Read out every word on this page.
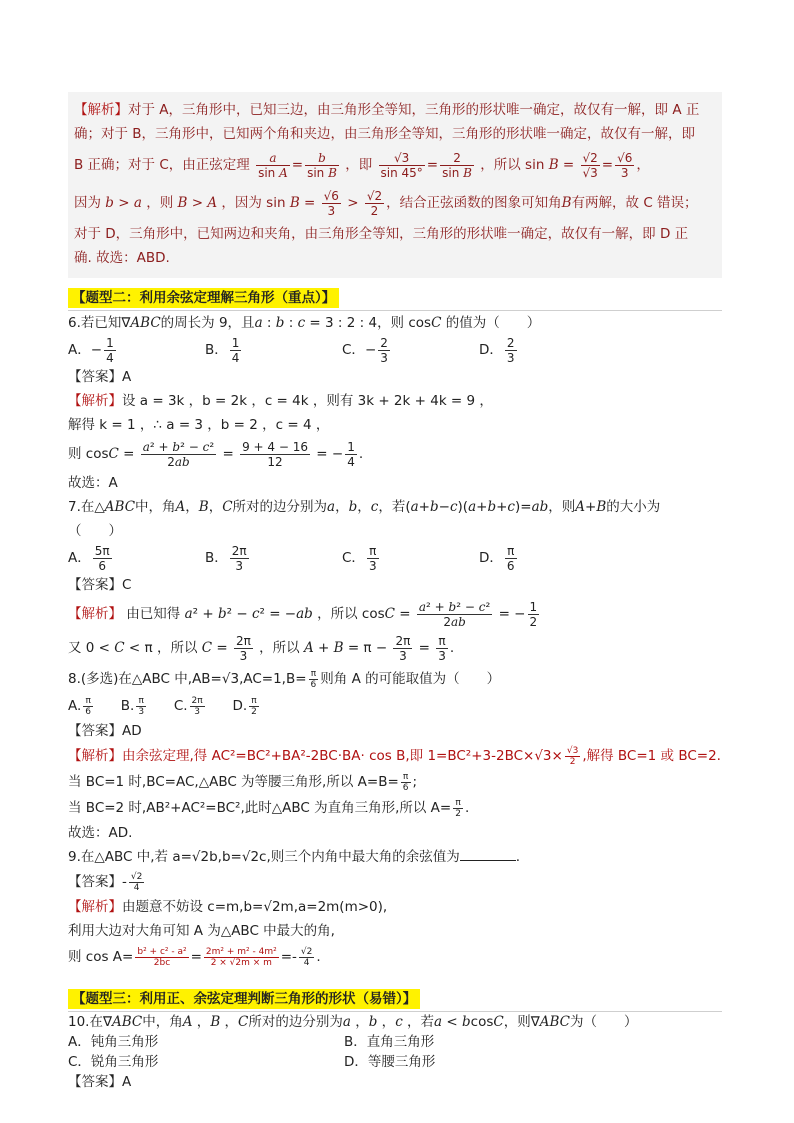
【解析】对于 A，三角形中，已知三边，由三角形全等知，三角形的形状唯一确定，故仅有一解，即 A 正
确；对于 B，三角形中，已知两个角和夹边，由三角形全等知，三角形的形状唯一确定，故仅有一解，即
B 正确；对于 C，由正弦定理 $\frac{a}{\text{sin A}} = \frac{b}{\text{sin B}}$ ，即 $\frac{√3}{\sin 45^\circ} = \frac{2}{\text{sin B}}$ ，所以 $\sin B = \frac{√2}{√3} = \frac{√6}{3}$ ，
因为 b > a ，则 B > A ，因为 $\sin B = \frac{√6}{3} > \frac{√2}{2}$ ，结合正弦函数的图象可知角B有两解，故 C 错误；
对于 D，三角形中，已知两边和夹角，由三角形全等知，三角形的形状唯一确定，故仅有一解，即 D 正
确. 故选：ABD.
【题型二：利用余弦定理解三角形（重点）】
6.若已知∇ABC的周长为 9，且a : b : c = 3 : 2 : 4，则 cosC 的值为（　　）
A．− $\frac{1}{4}$	B． $\frac{1}{4}$	C．− $\frac{2}{3}$	D． $\frac{2}{3}$
【答案】A
【解析】设 a = 3k ，b = 2k ，c = 4k ，则有 3k + 2k + 4k = 9 ，
解得 k = 1 ，∴ a = 3 ，b = 2 ，c = 4 ，
则 $\cos C = \frac{\text{a² + b² − c²}}{2ab} = \frac{9 + 4 - 16}{12}$ = − $\frac{1}{4}$ .
故选：A
7.在△ABC中，角A，B，C所对的边分别为a，b，c，若(a+b−c)(a+b+c)=ab，则A+B的大小为
（　　）
A． $\frac{5\pi}{6}$	B． $\frac{2\pi}{3}$	C． $\frac{\pi}{3}$	D． $\frac{\pi}{6}$
【答案】C
【解析】 由已知得 a² + b² − c² = −ab ，所以 $\cos C = \frac{\text{a² + b² − c²}}{2ab}$ = − $\frac{1}{2}$
又 0 < C < π ，所以 $C = \frac{2\pi}{3}$ ，所以 $A + B = \pi - \frac{2\pi}{3} = \frac{\pi}{3}$ .
8.(多选)在△ABC 中$,AB=√3,AC=1,B= \frac{\pi}{6}$ 则角 A 的可能取值为（　　）
A. $\frac{\pi}{6} B$. $\frac{\pi}{3} C$. $\frac{2\pi}{3} D$. $\frac{\pi}{2}$
【答案】AD
【解析】由余弦定理,得 AC²=BC²+BA²-2BC·BA· cos B,即 $1=BC^2+3-2BC\times√3\times \frac{√3}{2}$ ,解得 BC=1 或 BC=2.
当 BC=1 时,BC=AC,△ABC 为等腰三角形,所以 $A=B= \frac{\pi}{6}$ ;
当 BC=2 时,AB²+AC²=BC²,此时△ABC 为直角三角形,所以 $A= \frac{\pi}{2}$ .
故选：AD.
9.在△ABC 中,若 a=√2b,b=√2c,则三个内角中最大角的余弦值为	.
【答案】- $\frac{√2}{4}$
【解析】由题意不妨设 c=m,b=√2m,a=2m(m>0),
利用大边对大角可知 A 为△ABC 中最大的角,
则 $\cos A= \frac{\text{b² + c² - a²}}{2bc} = \frac{\text{2m² + m² - 4m²}}{2 \times √2m \times m} =- \frac{√2}{4}$ .
【题型三：利用正、余弦定理判断三角形的形状（易错）】
10.在∇ABC中，角A ，B ，C所对的边分别为a ，b ，c ，若a < bcosC，则∇ABC为（　　）
A．钝角三角形	B．直角三角形
C．锐角三角形	D．等腰三角形
【答案】A
